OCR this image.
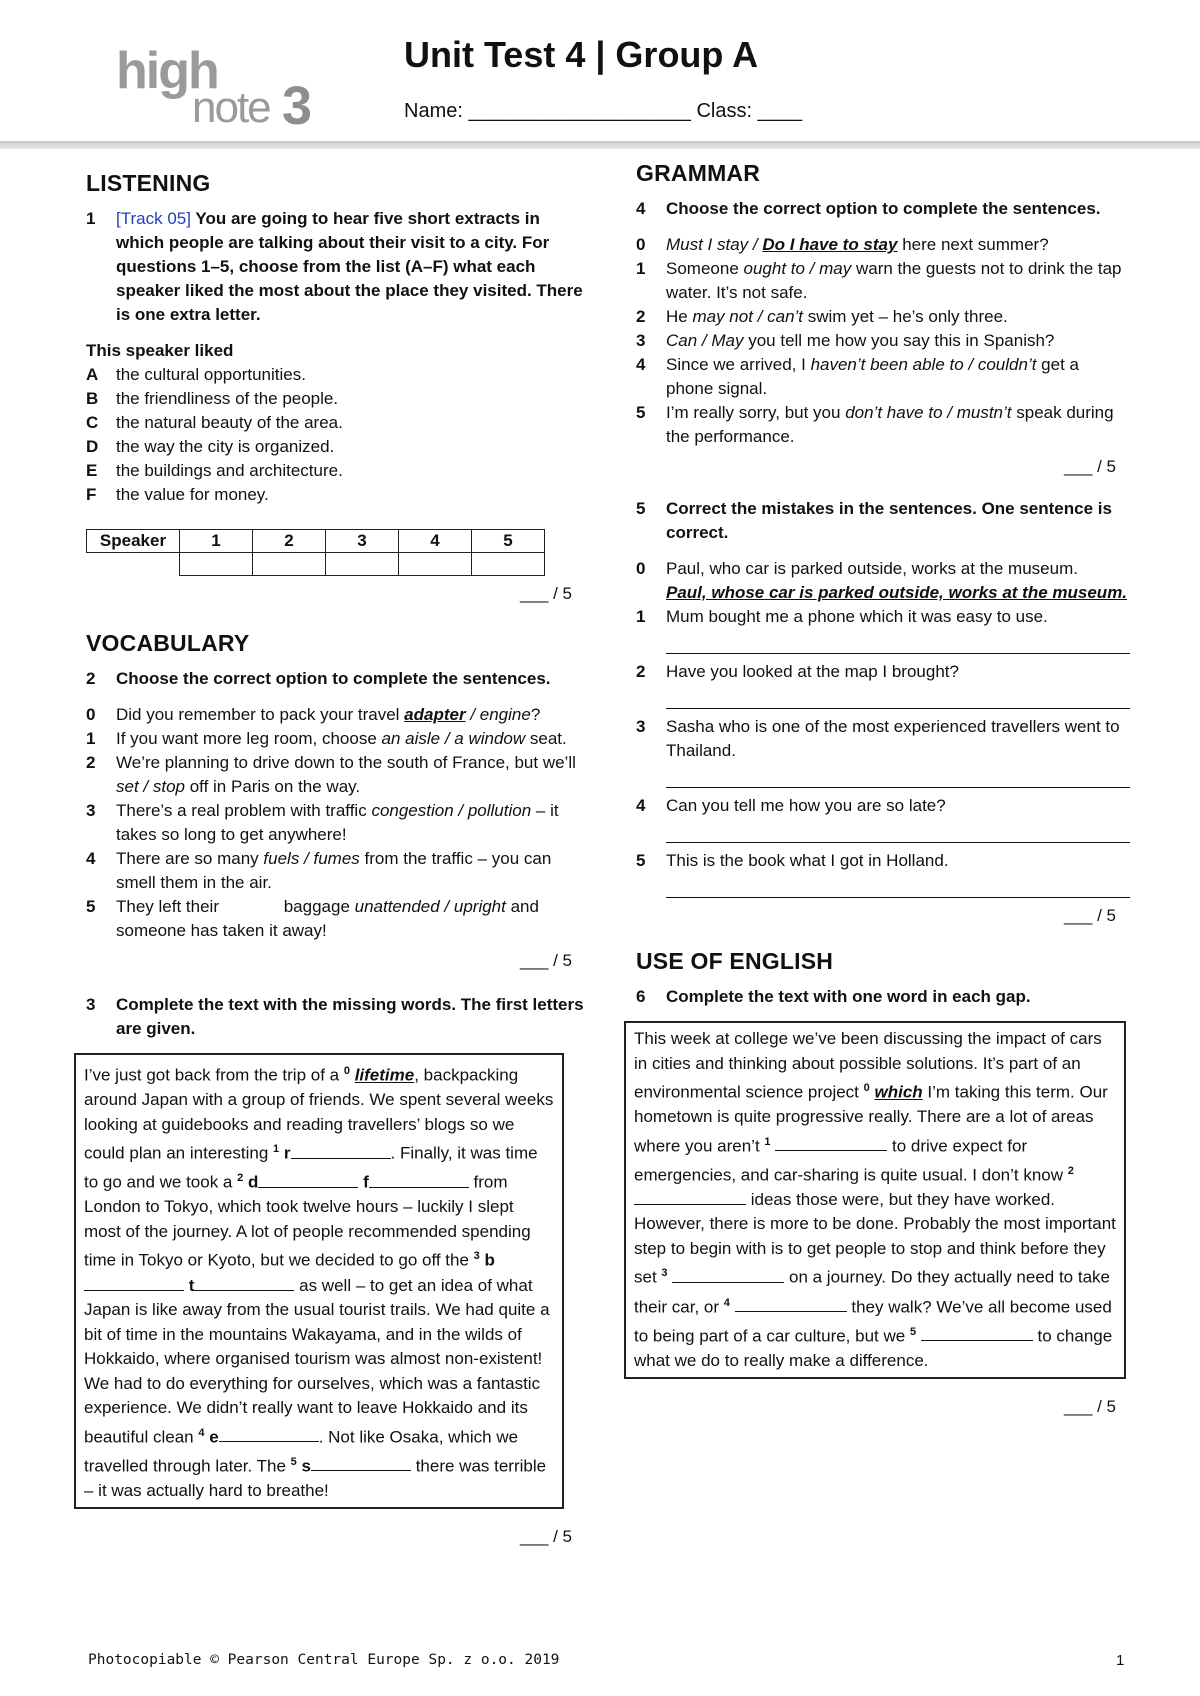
high
note 3
Unit Test 4 | Group A
Name: ____________________ Class: ____
LISTENING
1	[Track 05] You are going to hear five short extracts in which people are talking about their visit to a city. For questions 1–5, choose from the list (A–F) what each speaker liked the most about the place they visited. There is one extra letter.
This speaker liked
A	the cultural opportunities.
B	the friendliness of the people.
C	the natural beauty of the area.
D	the way the city is organized.
E	the buildings and architecture.
F	the value for money.
Speaker	1	2	3	4	5

___ / 5
VOCABULARY
2	Choose the correct option to complete the sentences.
0	Did you remember to pack your travel adapter / engine?
1	If you want more leg room, choose an aisle / a window seat.
2	We’re planning to drive down to the south of France, but we’ll set / stop off in Paris on the way.
3	There’s a real problem with traffic congestion / pollution – it takes so long to get anywhere!
4	There are so many fuels / fumes from the traffic – you can smell them in the air.
5	They left their	baggage unattended / upright and someone has taken it away!
___ / 5
3	Complete the text with the missing words. The first letters are given.
I’ve just got back from the trip of a $^0$ lifetime, backpacking around Japan with a group of friends. We spent several weeks looking at guidebooks and reading travellers’ blogs so we could plan an interesting $^1$ r	. Finally, it was time to go and we took a $^2$ d	f	from London to Tokyo, which took twelve hours – luckily I slept most of the journey. A lot of people recommended spending time in Tokyo or Kyoto, but we decided to go off the $^3$ b t	as well – to get an idea of what Japan is like away from the usual tourist trails. We had quite a bit of time in the mountains Wakayama, and in the wilds of Hokkaido, where organised tourism was almost non-existent! We had to do everything for ourselves, which was a fantastic experience. We didn’t really want to leave Hokkaido and its beautiful clean $^4$ e	. Not like Osaka, which we travelled through later. The $^5$ s	there was terrible – it was actually hard to breathe!
___ / 5
GRAMMAR
4	Choose the correct option to complete the sentences.
0	Must I stay / Do I have to stay here next summer?
1	Someone ought to / may warn the guests not to drink the tap water. It’s not safe.
2	He may not / can’t swim yet – he’s only three.
3	Can / May you tell me how you say this in Spanish?
4	Since we arrived, I haven’t been able to / couldn’t get a phone signal.
5	I’m really sorry, but you don’t have to / mustn’t speak during the performance.
___ / 5
5	Correct the mistakes in the sentences. One sentence is correct.
0	Paul, who car is parked outside, works at the museum.
Paul, whose car is parked outside, works at the museum.
1	Mum bought me a phone which it was easy to use.
2	Have you looked at the map I brought?
3	Sasha who is one of the most experienced travellers went to Thailand.
4	Can you tell me how you are so late?
5	This is the book what I got in Holland.
___ / 5
USE OF ENGLISH
6	Complete the text with one word in each gap.
This week at college we’ve been discussing the impact of cars in cities and thinking about possible solutions. It’s part of an environmental science project $^0$ which I’m taking this term. Our hometown is quite progressive really. There are a lot of areas where you aren’t $^1$	to drive expect for emergencies, and car-sharing is quite usual. I don’t know $^2$  ideas those were, but they have worked. However, there is more to be done. Probably the most important step to begin with is to get people to stop and think before they set $^3$	on a journey. Do they actually need to take their car, or $^4$	they walk? We’ve all become used to being part of a car culture, but we $^5$	to change what we do to really make a difference.
___ / 5
Photocopiable © Pearson Central Europe Sp. z o.o. 2019	1
